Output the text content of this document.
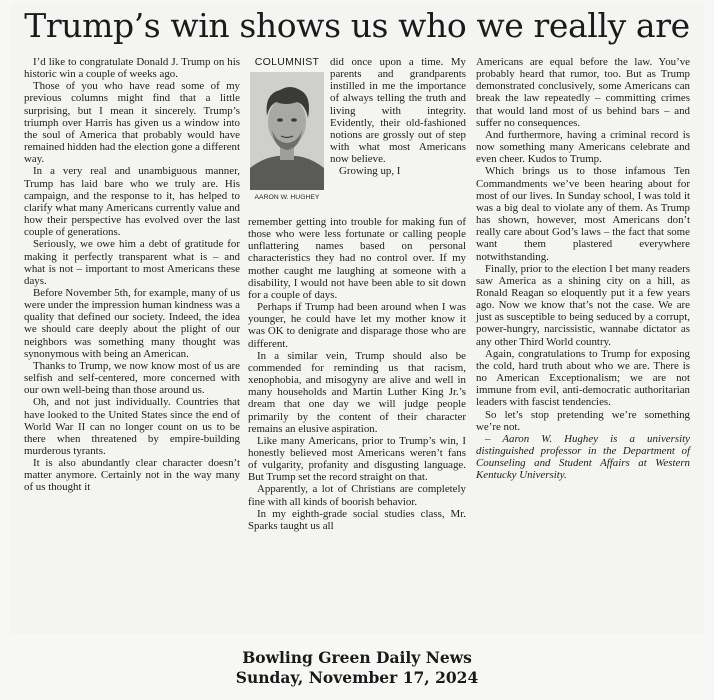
Trump’s win shows us who we really are

I’d like to congratulate Donald J. Trump on his historic win a couple of weeks ago.

Those of you who have read some of my previous columns might find that a little surprising, but I mean it sincerely. Trump’s triumph over Harris has given us a window into the soul of America that probably would have remained hidden had the election gone a different way.

In a very real and unambiguous manner, Trump has laid bare who we truly are. His campaign, and the response to it, has helped to clarify what many Americans currently value and how their perspective has evolved over the last couple of generations.

Seriously, we owe him a debt of gratitude for making it perfectly transparent what is – and what is not – important to most Americans these days.

Before November 5th, for example, many of us were under the impression human kindness was a quality that defined our society. Indeed, the idea we should care deeply about the plight of our neighbors was something many thought was synonymous with being an American.

Thanks to Trump, we now know most of us are selfish and self-centered, more concerned with our own well-being than those around us.

Oh, and not just individually. Countries that have looked to the United States since the end of World War II can no longer count on us to be there when threatened by empire-building murderous tyrants.

It is also abundantly clear character doesn’t matter anymore. Certainly not in the way many of us thought it

COLUMNIST
AARON W. HUGHEY

did once upon a time. My parents and grandparents instilled in me the importance of always telling the truth and living with integrity. Evidently, their old-fashioned notions are grossly out of step with what most Americans now believe.

Growing up, I

remember getting into trouble for making fun of those who were less fortunate or calling people unflattering names based on personal characteristics they had no control over. If my mother caught me laughing at someone with a disability, I would not have been able to sit down for a couple of days.

Perhaps if Trump had been around when I was younger, he could have let my mother know it was OK to denigrate and disparage those who are different.

In a similar vein, Trump should also be commended for reminding us that racism, xenophobia, and misogyny are alive and well in many households and Martin Luther King Jr.’s dream that one day we will judge people primarily by the content of their character remains an elusive aspiration.

Like many Americans, prior to Trump’s win, I honestly believed most Americans weren’t fans of vulgarity, profanity and disgusting language. But Trump set the record straight on that.

Apparently, a lot of Christians are completely fine with all kinds of boorish behavior.

In my eighth-grade social studies class, Mr. Sparks taught us all

Americans are equal before the law. You’ve probably heard that rumor, too. But as Trump demonstrated conclusively, some Americans can break the law repeatedly – committing crimes that would land most of us behind bars – and suffer no consequences.

And furthermore, having a criminal record is now something many Americans celebrate and even cheer. Kudos to Trump.

Which brings us to those infamous Ten Commandments we’ve been hearing about for most of our lives. In Sunday school, I was told it was a big deal to violate any of them. As Trump has shown, however, most Americans don’t really care about God’s laws – the fact that some want them plastered everywhere notwithstanding.

Finally, prior to the election I bet many readers saw America as a shining city on a hill, as Ronald Reagan so eloquently put it a few years ago. Now we know that’s not the case. We are just as susceptible to being seduced by a corrupt, power-hungry, narcissistic, wannabe dictator as any other Third World country.

Again, congratulations to Trump for exposing the cold, hard truth about who we are. There is no American Exceptionalism; we are not immune from evil, anti-democratic authoritarian leaders with fascist tendencies.

So let’s stop pretending we’re something we’re not.

– Aaron W. Hughey is a university distinguished professor in the Department of Counseling and Student Affairs at Western Kentucky University.

Bowling Green Daily News
Sunday, November 17, 2024
